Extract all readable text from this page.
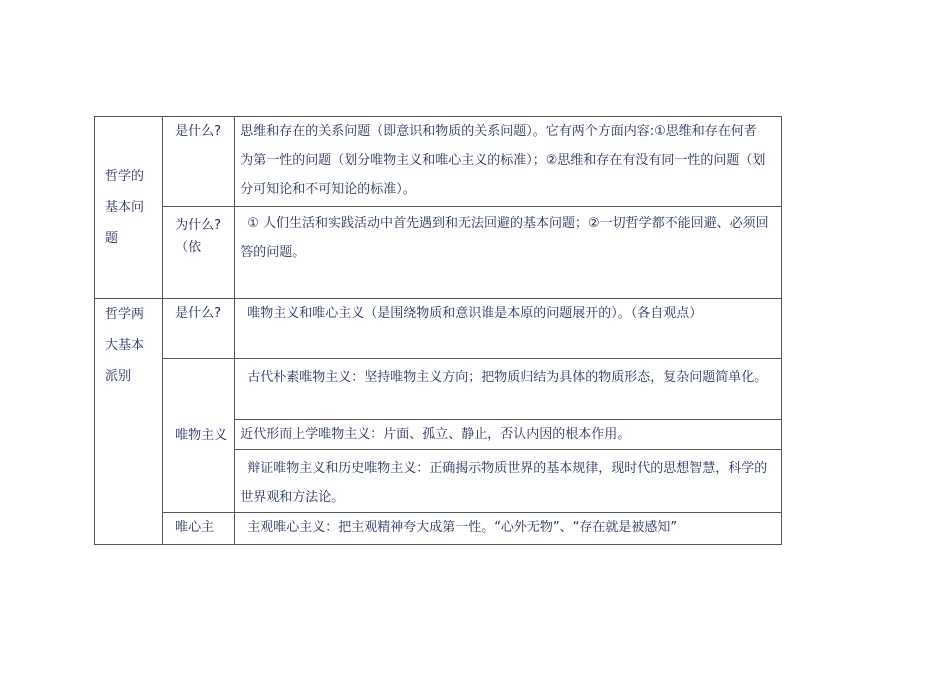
哲学的基本问题	是什么?	思维和存在的关系问题（即意识和物质的关系问题）。它有两个方面内容:①思维和存在何者为第一性的问题（划分唯物主义和唯心主义的标准）；②思维和存在有没有同一性的问题（划分可知论和不可知论的标准）。
	为什么?（依	① 人们生活和实践活动中首先遇到和无法回避的基本问题；②一切哲学都不能回避、必须回答的问题。
哲学两大基本派别	是什么?	唯物主义和唯心主义（是围绕物质和意识谁是本原的问题展开的）。（各自观点）
	唯物主义	古代朴素唯物主义：坚持唯物主义方向；把物质归结为具体的物质形态，复杂问题简单化。
		近代形而上学唯物主义：片面、孤立、静止，否认内因的根本作用。
		辩证唯物主义和历史唯物主义：正确揭示物质世界的基本规律，现时代的思想智慧，科学的世界观和方法论。
	唯心主	主观唯心主义：把主观精神夸大成第一性。“心外无物”、“存在就是被感知”
